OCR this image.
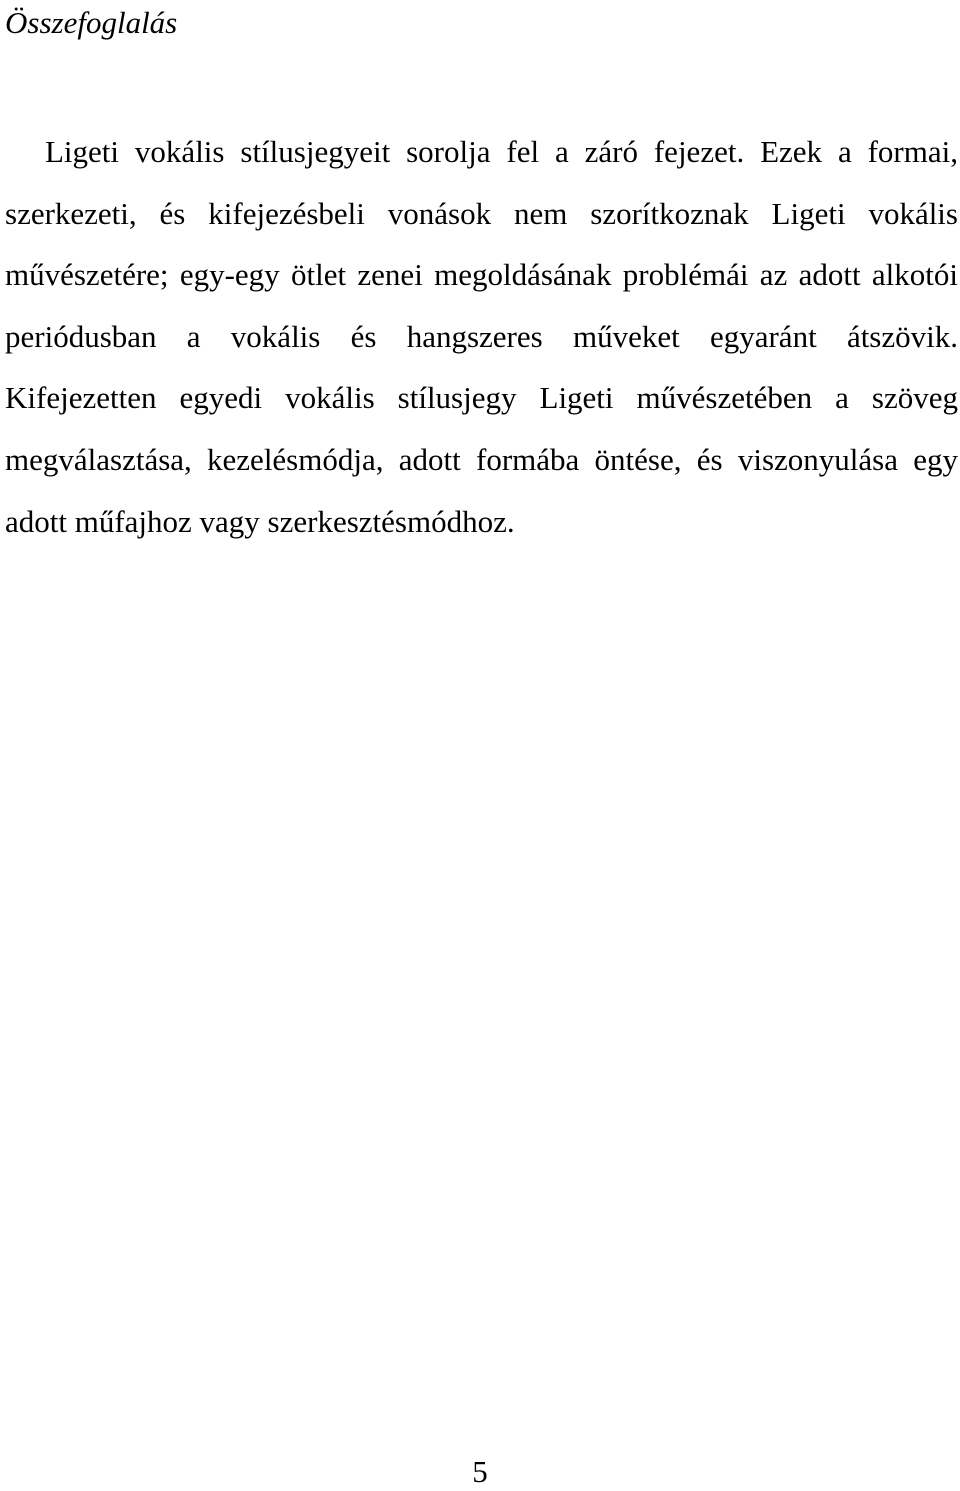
Összefoglalás

Ligeti vokális stílusjegyeit sorolja fel a záró fejezet. Ezek a formai, szerkezeti, és kifejezésbeli vonások nem szorítkoznak Ligeti vokális művészetére; egy-egy ötlet zenei megoldásának problémái az adott alkotói periódusban a vokális és hangszeres műveket egyaránt átszövik. Kifejezetten egyedi vokális stílusjegy Ligeti művészetében a szöveg megválasztása, kezelésmódja, adott formába öntése, és viszonyulása egy adott műfajhoz vagy szerkesztésmódhoz.

5
